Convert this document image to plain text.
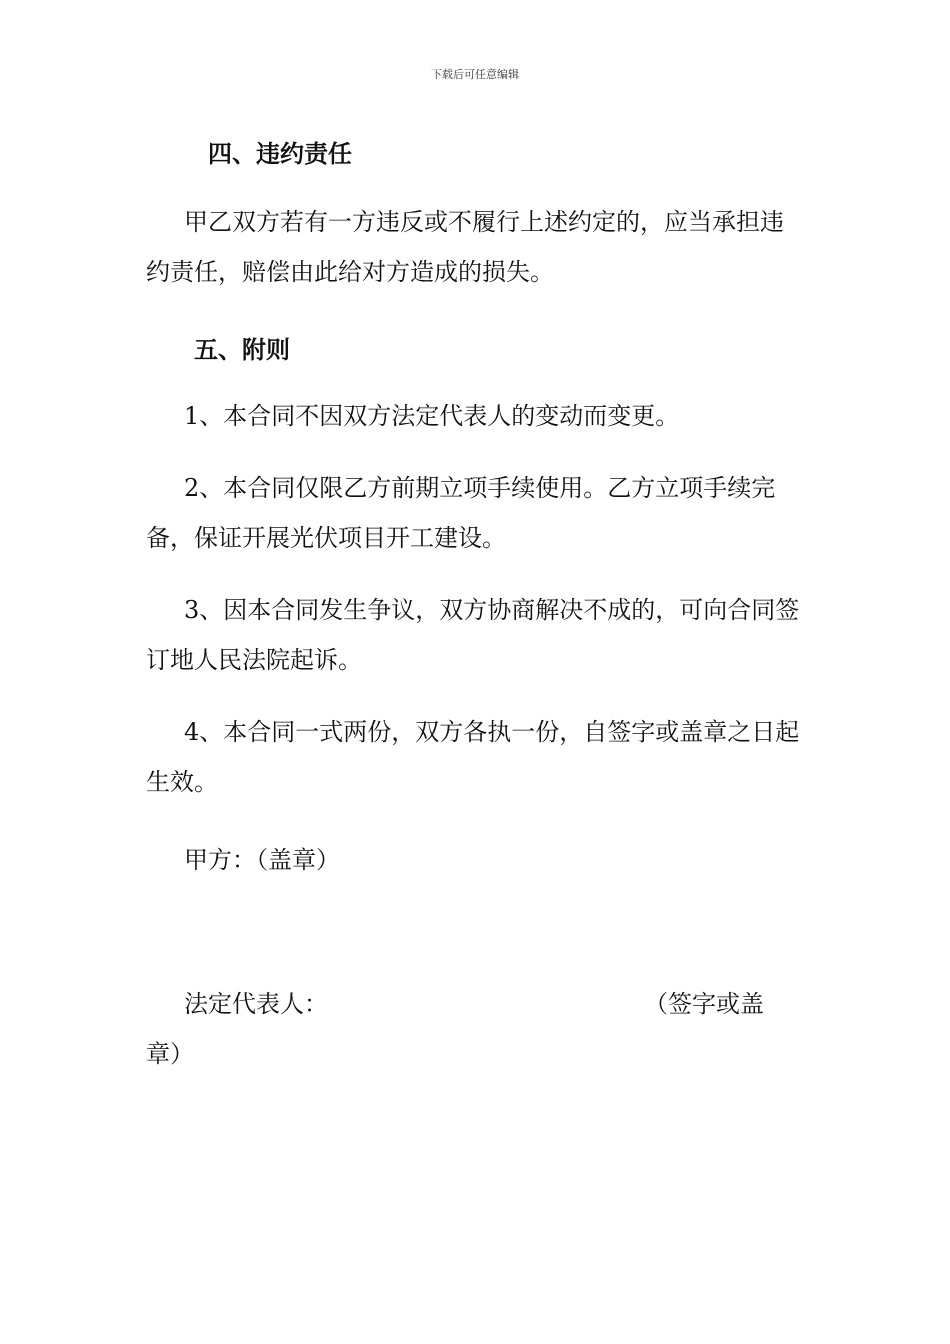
下载后可任意编辑
四、违约责任
甲乙双方若有一方违反或不履行上述约定的，应当承担违约责任，赔偿由此给对方造成的损失。
五、附则
1、本合同不因双方法定代表人的变动而变更。
2、本合同仅限乙方前期立项手续使用。乙方立项手续完备，保证开展光伏项目开工建设。
3、因本合同发生争议，双方协商解决不成的，可向合同签订地人民法院起诉。
4、本合同一式两份，双方各执一份，自签字或盖章之日起生效。
甲方：（盖章）
法定代表人：	（签字或盖
章）
